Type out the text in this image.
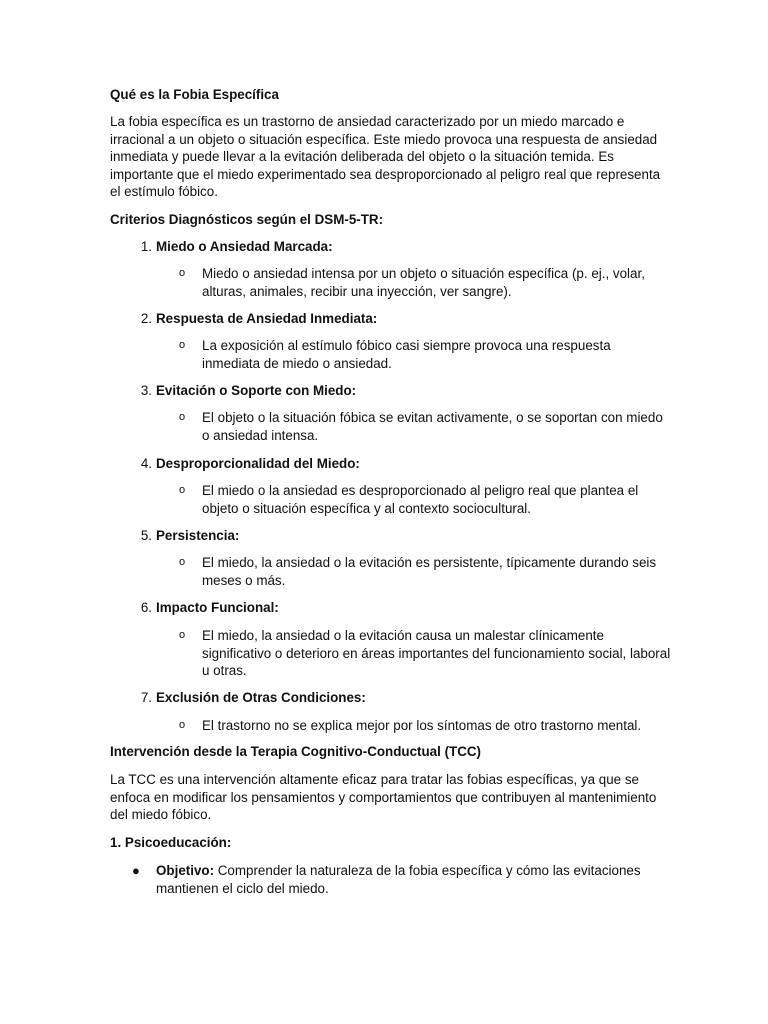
Qué es la Fobia Específica

La fobia específica es un trastorno de ansiedad caracterizado por un miedo marcado e irracional a un objeto o situación específica. Este miedo provoca una respuesta de ansiedad inmediata y puede llevar a la evitación deliberada del objeto o la situación temida. Es importante que el miedo experimentado sea desproporcionado al peligro real que representa el estímulo fóbico.

Criterios Diagnósticos según el DSM-5-TR:

1. Miedo o Ansiedad Marcada:
o Miedo o ansiedad intensa por un objeto o situación específica (p. ej., volar, alturas, animales, recibir una inyección, ver sangre).

2. Respuesta de Ansiedad Inmediata:
o La exposición al estímulo fóbico casi siempre provoca una respuesta inmediata de miedo o ansiedad.

3. Evitación o Soporte con Miedo:
o El objeto o la situación fóbica se evitan activamente, o se soportan con miedo o ansiedad intensa.

4. Desproporcionalidad del Miedo:
o El miedo o la ansiedad es desproporcionado al peligro real que plantea el objeto o situación específica y al contexto sociocultural.

5. Persistencia:
o El miedo, la ansiedad o la evitación es persistente, típicamente durando seis meses o más.

6. Impacto Funcional:
o El miedo, la ansiedad o la evitación causa un malestar clínicamente significativo o deterioro en áreas importantes del funcionamiento social, laboral u otras.

7. Exclusión de Otras Condiciones:
o El trastorno no se explica mejor por los síntomas de otro trastorno mental.

Intervención desde la Terapia Cognitivo-Conductual (TCC)

La TCC es una intervención altamente eficaz para tratar las fobias específicas, ya que se enfoca en modificar los pensamientos y comportamientos que contribuyen al mantenimiento del miedo fóbico.

1. Psicoeducación:

● Objetivo: Comprender la naturaleza de la fobia específica y cómo las evitaciones mantienen el ciclo del miedo.
